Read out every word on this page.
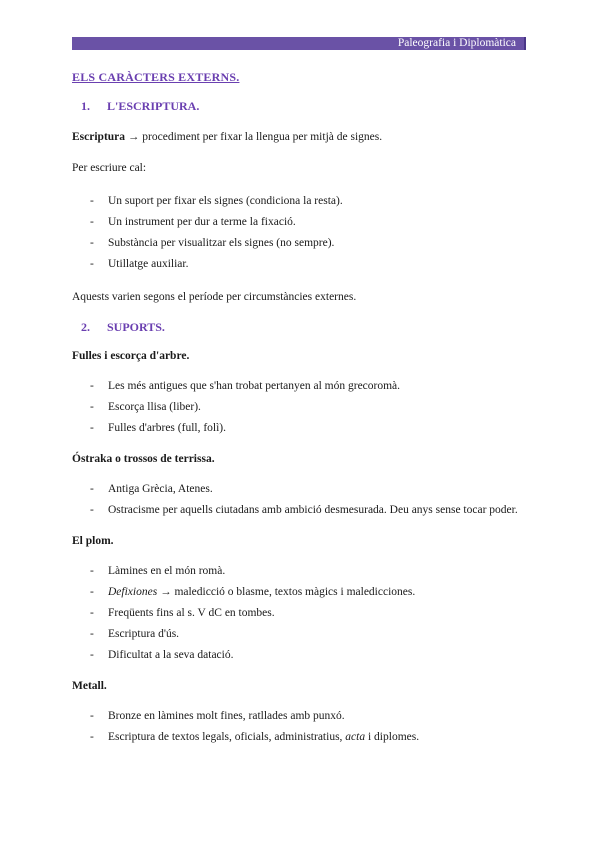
Paleografia i Diplomàtica
ELS CARÀCTERS EXTERNS.
1. L'ESCRIPTURA.

Escriptura → procediment per fixar la llengua per mitjà de signes.

Per escriure cal:

- Un suport per fixar els signes (condiciona la resta).
- Un instrument per dur a terme la fixació.
- Substància per visualitzar els signes (no sempre).
- Utillatge auxiliar.

Aquests varien segons el període per circumstàncies externes.

2. SUPORTS.
Fulles i escorça d'arbre.
- Les més antigues que s'han trobat pertanyen al món grecoromà.
- Escorça llisa (liber).
- Fulles d'arbres (full, folì).
Óstraka o trossos de terrissa.
- Antiga Grècia, Atenes.
- Ostracisme per aquells ciutadans amb ambició desmesurada. Deu anys sense tocar poder.
El plom.
- Làmines en el món romà.
- Defixiones → maledicció o blasme, textos màgics i maledicciones.
- Freqüents fins al s. V dC en tombes.
- Escriptura d'ús.
- Dificultat a la seva datació.
Metall.
- Bronze en làmines molt fines, ratllades amb punxó.
- Escriptura de textos legals, oficials, administratius, acta i diplomes.
